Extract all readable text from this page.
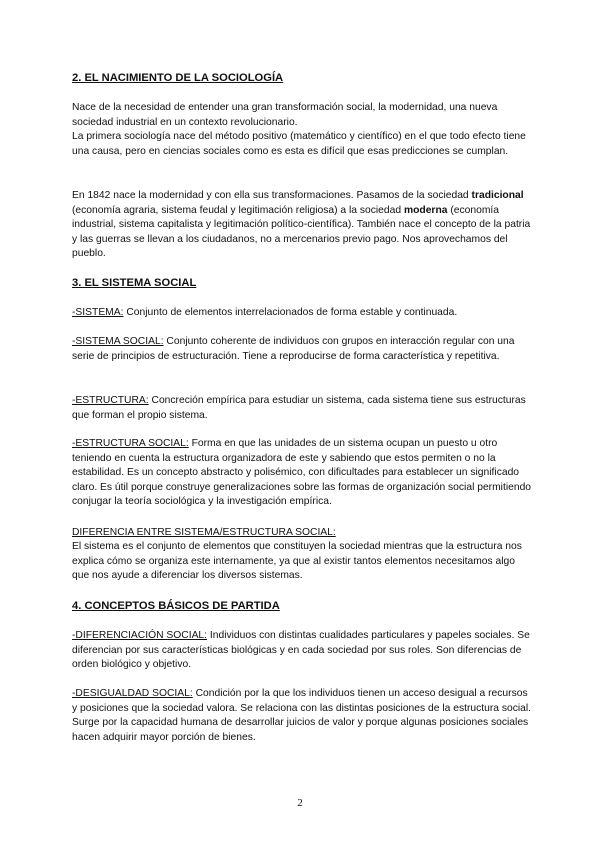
2. EL NACIMIENTO DE LA SOCIOLOGÍA

Nace de la necesidad de entender una gran transformación social, la modernidad, una nueva sociedad industrial en un contexto revolucionario.

La primera sociología nace del método positivo (matemático y científico) en el que todo efecto tiene una causa, pero en ciencias sociales como es esta es difícil que esas predicciones se cumplan.

En 1842 nace la modernidad y con ella sus transformaciones. Pasamos de la sociedad tradicional (economía agraria, sistema feudal y legitimación religiosa) a la sociedad moderna (economía industrial, sistema capitalista y legitimación político-científica). También nace el concepto de la patria y las guerras se llevan a los ciudadanos, no a mercenarios previo pago. Nos aprovechamos del pueblo.

3. EL SISTEMA SOCIAL

-SISTEMA: Conjunto de elementos interrelacionados de forma estable y continuada.

-SISTEMA SOCIAL: Conjunto coherente de individuos con grupos en interacción regular con una serie de principios de estructuración. Tiene a reproducirse de forma característica y repetitiva.

-ESTRUCTURA: Concreción empírica para estudiar un sistema, cada sistema tiene sus estructuras que forman el propio sistema.

-ESTRUCTURA SOCIAL: Forma en que las unidades de un sistema ocupan un puesto u otro teniendo en cuenta la estructura organizadora de este y sabiendo que estos permiten o no la estabilidad. Es un concepto abstracto y polisémico, con dificultades para establecer un significado claro. Es útil porque construye generalizaciones sobre las formas de organización social permitiendo conjugar la teoría sociológica y la investigación empírica.

DIFERENCIA ENTRE SISTEMA/ESTRUCTURA SOCIAL:

El sistema es el conjunto de elementos que constituyen la sociedad mientras que la estructura nos explica cómo se organiza este internamente, ya que al existir tantos elementos necesitamos algo que nos ayude a diferenciar los diversos sistemas.

4. CONCEPTOS BÁSICOS DE PARTIDA

-DIFERENCIACIÓN SOCIAL: Individuos con distintas cualidades particulares y papeles sociales. Se diferencian por sus características biológicas y en cada sociedad por sus roles. Son diferencias de orden biológico y objetivo.

-DESIGUALDAD SOCIAL: Condición por la que los individuos tienen un acceso desigual a recursos y posiciones que la sociedad valora. Se relaciona con las distintas posiciones de la estructura social. Surge por la capacidad humana de desarrollar juicios de valor y porque algunas posiciones sociales hacen adquirir mayor porción de bienes.

2
